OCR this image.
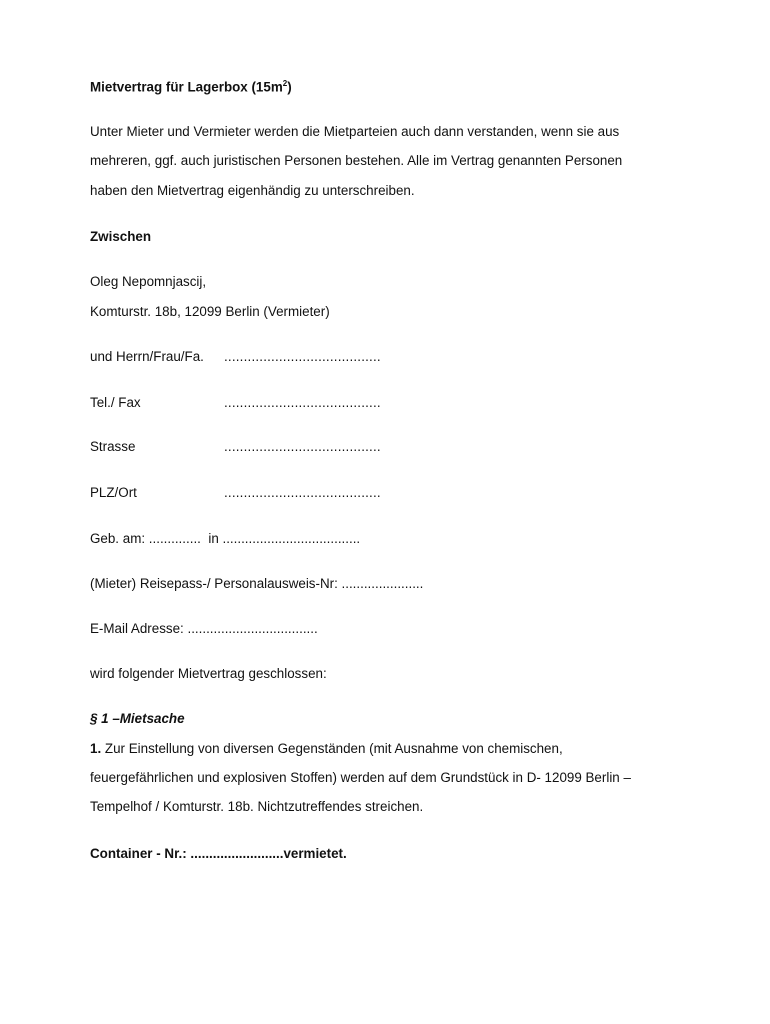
Mietvertrag für Lagerbox $(15m^2)$
Unter Mieter und Vermieter werden die Mietparteien auch dann verstanden, wenn sie aus
mehreren, ggf. auch juristischen Personen bestehen. Alle im Vertrag genannten Personen
haben den Mietvertrag eigenhändig zu unterschreiben.
Zwischen
Oleg Nepomnjascij,
Komturstr. 18b, 12099 Berlin (Vermieter)
und Herrn/Frau/Fa. ........................................
Tel./ Fax	........................................
Strasse	........................................
PLZ/Ort	........................................
Geb. am: .............. in .....................................
(Mieter) Reisepass-/ Personalausweis-Nr: ......................
E-Mail Adresse: ...................................
wird folgender Mietvertrag geschlossen:
§ 1 –Mietsache
1. Zur Einstellung von diversen Gegenständen (mit Ausnahme von chemischen,
feuergefährlichen und explosiven Stoffen) werden auf dem Grundstück in D- 12099 Berlin –
Tempelhof / Komturstr. 18b. Nichtzutreffendes streichen.
Container - Nr.: .........................vermietet.
